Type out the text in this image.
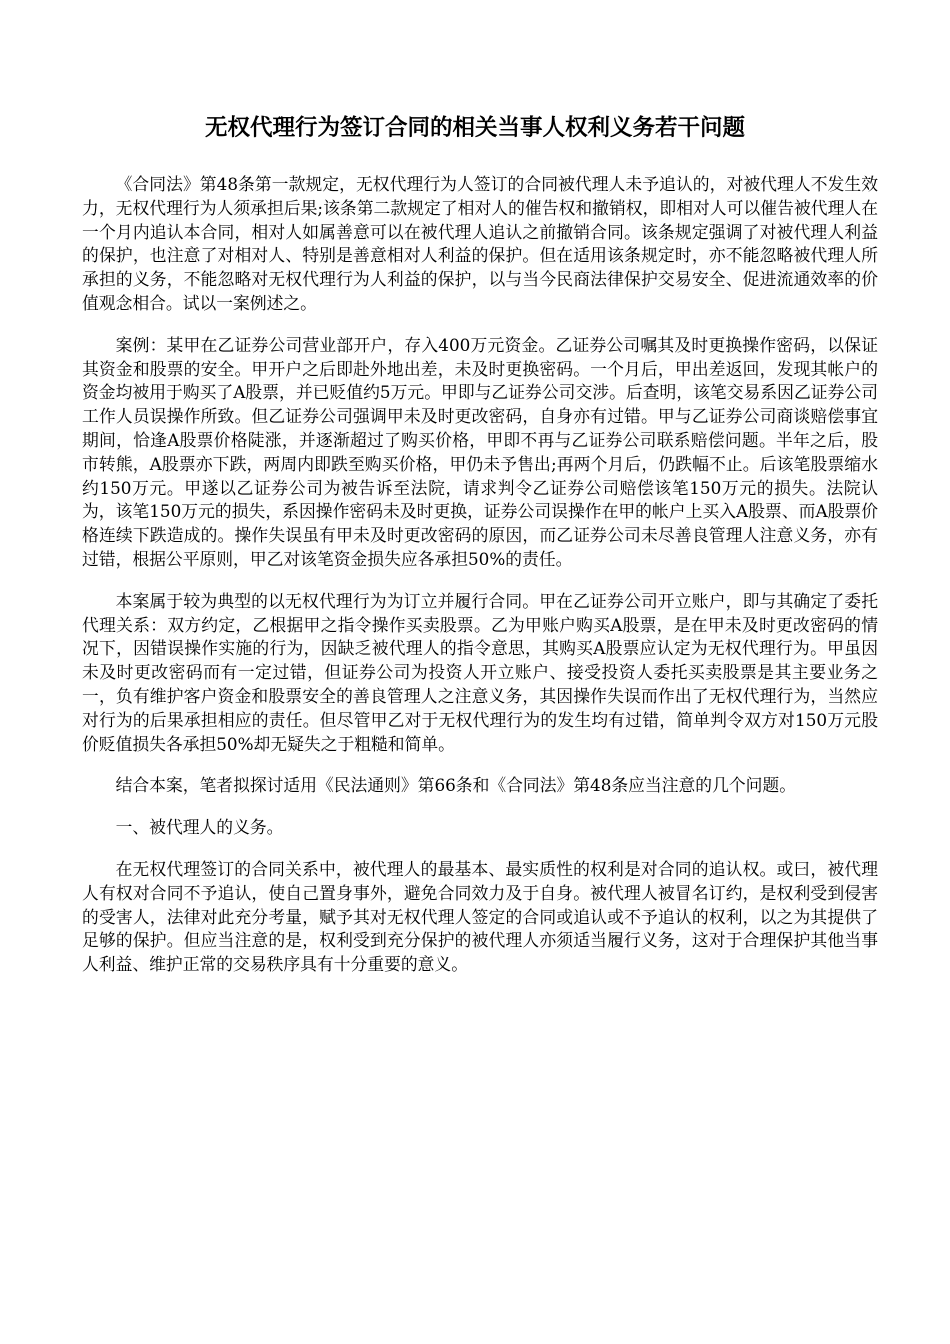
无权代理行为签订合同的相关当事人权利义务若干问题

《合同法》第48条第一款规定，无权代理行为人签订的合同被代理人未予追认的，对被代理人不发生效力，无权代理行为人须承担后果;该条第二款规定了相对人的催告权和撤销权，即相对人可以催告被代理人在一个月内追认本合同，相对人如属善意可以在被代理人追认之前撤销合同。该条规定强调了对被代理人利益的保护，也注意了对相对人、特别是善意相对人利益的保护。但在适用该条规定时，亦不能忽略被代理人所承担的义务，不能忽略对无权代理行为人利益的保护，以与当今民商法律保护交易安全、促进流通效率的价值观念相合。试以一案例述之。

案例：某甲在乙证券公司营业部开户，存入400万元资金。乙证券公司嘱其及时更换操作密码，以保证其资金和股票的安全。甲开户之后即赴外地出差，未及时更换密码。一个月后，甲出差返回，发现其帐户的资金均被用于购买了A股票，并已贬值约5万元。甲即与乙证券公司交涉。后查明，该笔交易系因乙证券公司工作人员误操作所致。但乙证券公司强调甲未及时更改密码，自身亦有过错。甲与乙证券公司商谈赔偿事宜期间，恰逢A股票价格陡涨，并逐渐超过了购买价格，甲即不再与乙证券公司联系赔偿问题。半年之后，股市转熊，A股票亦下跌，两周内即跌至购买价格，甲仍未予售出;再两个月后，仍跌幅不止。后该笔股票缩水约150万元。甲遂以乙证券公司为被告诉至法院，请求判令乙证券公司赔偿该笔150万元的损失。法院认为，该笔150万元的损失，系因操作密码未及时更换，证券公司误操作在甲的帐户上买入A股票、而A股票价格连续下跌造成的。操作失误虽有甲未及时更改密码的原因，而乙证券公司未尽善良管理人注意义务，亦有过错，根据公平原则，甲乙对该笔资金损失应各承担50%的责任。

本案属于较为典型的以无权代理行为为订立并履行合同。甲在乙证券公司开立账户，即与其确定了委托代理关系：双方约定，乙根据甲之指令操作买卖股票。乙为甲账户购买A股票，是在甲未及时更改密码的情况下，因错误操作实施的行为，因缺乏被代理人的指令意思，其购买A股票应认定为无权代理行为。甲虽因未及时更改密码而有一定过错，但证券公司为投资人开立账户、接受投资人委托买卖股票是其主要业务之一，负有维护客户资金和股票安全的善良管理人之注意义务，其因操作失误而作出了无权代理行为，当然应对行为的后果承担相应的责任。但尽管甲乙对于无权代理行为的发生均有过错，简单判令双方对150万元股价贬值损失各承担50%却无疑失之于粗糙和简单。

结合本案，笔者拟探讨适用《民法通则》第66条和《合同法》第48条应当注意的几个问题。

一、被代理人的义务。

在无权代理签订的合同关系中，被代理人的最基本、最实质性的权利是对合同的追认权。或曰，被代理人有权对合同不予追认，使自己置身事外，避免合同效力及于自身。被代理人被冒名订约，是权利受到侵害的受害人，法律对此充分考量，赋予其对无权代理人签定的合同或追认或不予追认的权利，以之为其提供了足够的保护。但应当注意的是，权利受到充分保护的被代理人亦须适当履行义务，这对于合理保护其他当事人利益、维护正常的交易秩序具有十分重要的意义。
